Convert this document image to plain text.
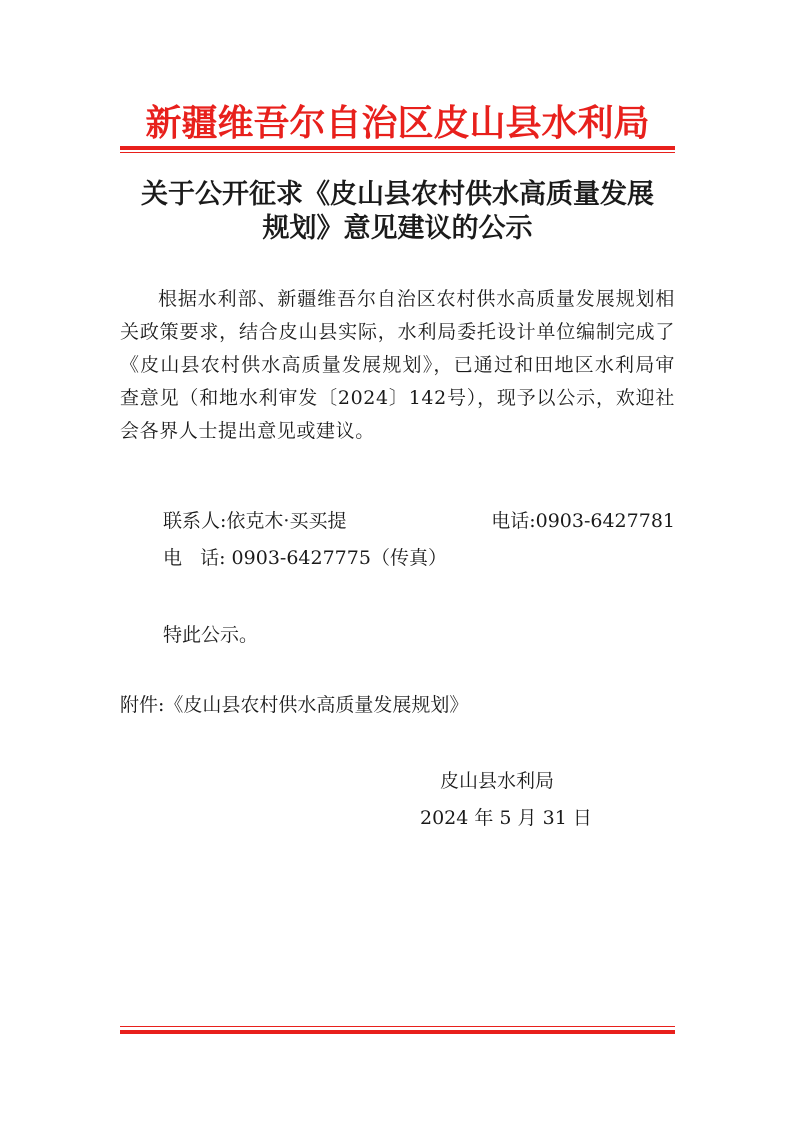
新疆维吾尔自治区皮山县水利局
关于公开征求《皮山县农村供水高质量发展
规划》意见建议的公示
根据水利部、新疆维吾尔自治区农村供水高质量发展规划相关政策要求，结合皮山县实际，水利局委托设计单位编制完成了《皮山县农村供水高质量发展规划》，已通过和田地区水利局审查意见（和地水利审发〔2024〕142号），现予以公示，欢迎社会各界人士提出意见或建议。
联系人:依克木·买买提	电话:0903-6427781
电   话: 0903-6427775（传真）
特此公示。
附件:《皮山县农村供水高质量发展规划》
皮山县水利局
2024 年 5 月 31 日
